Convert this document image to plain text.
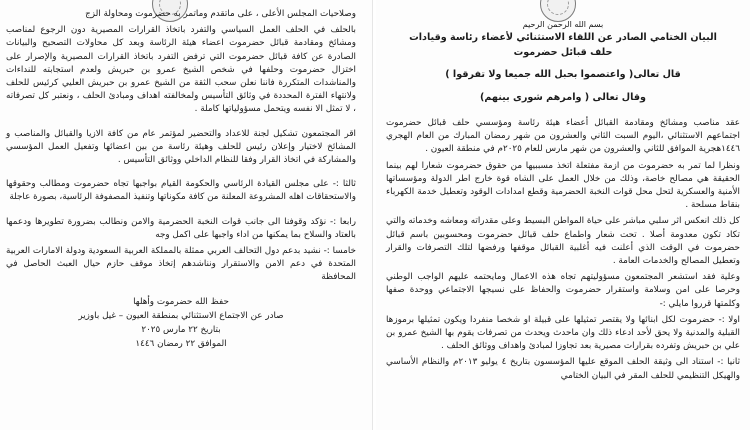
وصلاحيات المجلس الأعلى ، على ماتقدم وماتمر به حضرموت ومحاولة الزج

بالحلف في الحلف العمل السياسي والتفرد باتخاذ القرارات المصيرية دون الرجوع لمناصب ومشائخ ومقادمة قبائل حضرموت اعضاء هيئة الرئاسة وبعد كل محاولات التصحيح والبيانات الصادرة عن كافة قبائل حضرموت التي ترفض التفرد باتخاذ القرارات المصيرية والإصرار على اختزال حضرموت وحلفها في شخص الشيخ عمرو بن حبريش ولعدم استجابته للنداءات والمناشدات المتكررة فاننا نعلن سحب الثقة من الشيخ عمرو بن حبريش العليي كرئيس للحلف ولانتهاء الفترة المحددة في وثائق التأسيس ولمخالفته اهداف ومبادئ الحلف ، ونعتبر كل تصرفاته ، لا تمثل الا نفسه ويتحمل مسؤولياتها كاملة .

اقر المجتمعون تشكيل لجنة للاعداد والتحضير لمؤتمر عام من كافة الازيا والقبائل والمناصب و المشائخ لاختيار وإعلان رئيس للحلف وهيئة رئاسة من بين اعضائها وتفعيل العمل المؤسسي والمشاركة في اتخاذ القرار وفقا للنظام الداخلي ووثائق التأسيس .

ثالثا :- على مجلس القيادة الرئاسي والحكومة القيام بواجبها تجاه حضرموت ومطالب وحقوقها والاستحقاقات اهله المشروعة المعلنة من كافة مكوناتها وتنفيذ المصفوفة الرئاسية، بصورة عاجلة

رابعا :- نؤكد وقوفنا الى جانب قوات النخبة الحضرمية والامن ونطالب بضرورة تطويرها ودعمها بالعتاد والسلاح بما يمكنها من اداء واجبها على اكمل وجه

خامسا :- نشيد بدعم دول التحالف العربي ممثلة بالمملكة العربية السعودية ودولة الامارات العربية المتحدة في دعم الامن والاستقرار ونناشدهم إتخاذ موقف حازم حيال العبث الحاصل في المحافظة

حفظ الله حضرموت وأهلها
صادر عن الاجتماع الاستثنائي بمنطقة العيون – غيل باوزير
بتاريخ ٢٢ مارس ٢٠٢٥
الموافق ٢٢ رمضان ١٤٤٦
بسم الله الرحمن الرحيم
البيان الختامي الصادر عن اللقاء الاستثنائي لأعضاء رئاسة وقيادات
حلف قبائل حضرموت
قال تعالى( واعتصموا بحبل الله جميعا ولا تفرقوا )
وقال تعالى ( وامرهم شورى بينهم)

عقد مناصب ومشائخ ومقادمة القبائل أعضاء هيئة رئاسة ومؤسسي حلف قبائل حضرموت اجتماعهم الاستثنائي ،اليوم السبت الثاني والعشرون من شهر رمضان المبارك من العام الهجري ١٤٤٦هجرية الموافق للثاني والعشرون من شهر مارس للعام ٢٠٢٥م في منطقة العيون .

ونظرا لما تمر به حضرموت من ازمة مفتعلة اتخذ مسببيها من حقوق حضرموت شعارا لهم بينما الحقيقة هي مصالح خاصة، وذلك من خلال العمل على الشاه قوة خارج اطر الدولة ومؤسساتها الأمنية والعسكرية لتحل محل قوات النخبة الحضرمية وقطع امدادات الوقود وتعطيل خدمة الكهرباء بنقاط مسلحة .

كل ذلك انعكس اثر سلبي مباشر على حياة المواطن البسيط وعلى مقدراته ومعاشه وخدماته والتي تكاد تكون معدومة أصلا . تحت شعار واطماع حلف قبائل حضرموت ومحسوبين باسم قبائل حضرموت في الوقت الذي أعلنت فيه أغلبية القبائل موقفها ورفضها لتلك التصرفات والقرار وتعطيل المصالح والخدمات العامة .

وعلية فقد استشعر المجتمعون مسؤوليتهم تجاه هذه الاعمال ومايحتمه عليهم الواجب الوطني وحرصا على امن وسلامة واستقرار حضرموت والحفاظ على نسيجها الاجتماعي ووحدة صفها وكلمتها قرروا مايلي :-

اولا :- حضرموت لكل ابنائها ولا يقتصر تمثيلها على قبيلة او شخصا منفردا ويكون تمثيلها برموزها القبلية والمدنية ولا يحق لأحد ادعاء ذلك وان ماحدث ويحدث من تصرفات يقوم بها الشيخ عمرو بن علي بن حبريش وتفرده بقرارات مصيرية بعد تجاوزا لمبادئ واهداف ووثائق الحلف .

ثانيا :- استناد الى وثيقة الحلف الموقع عليها المؤسسون بتاريخ ٤ يوليو ٢٠١٣م والنظام الأساسي والهيكل التنظيمي للحلف المقر في البيان الختامي
